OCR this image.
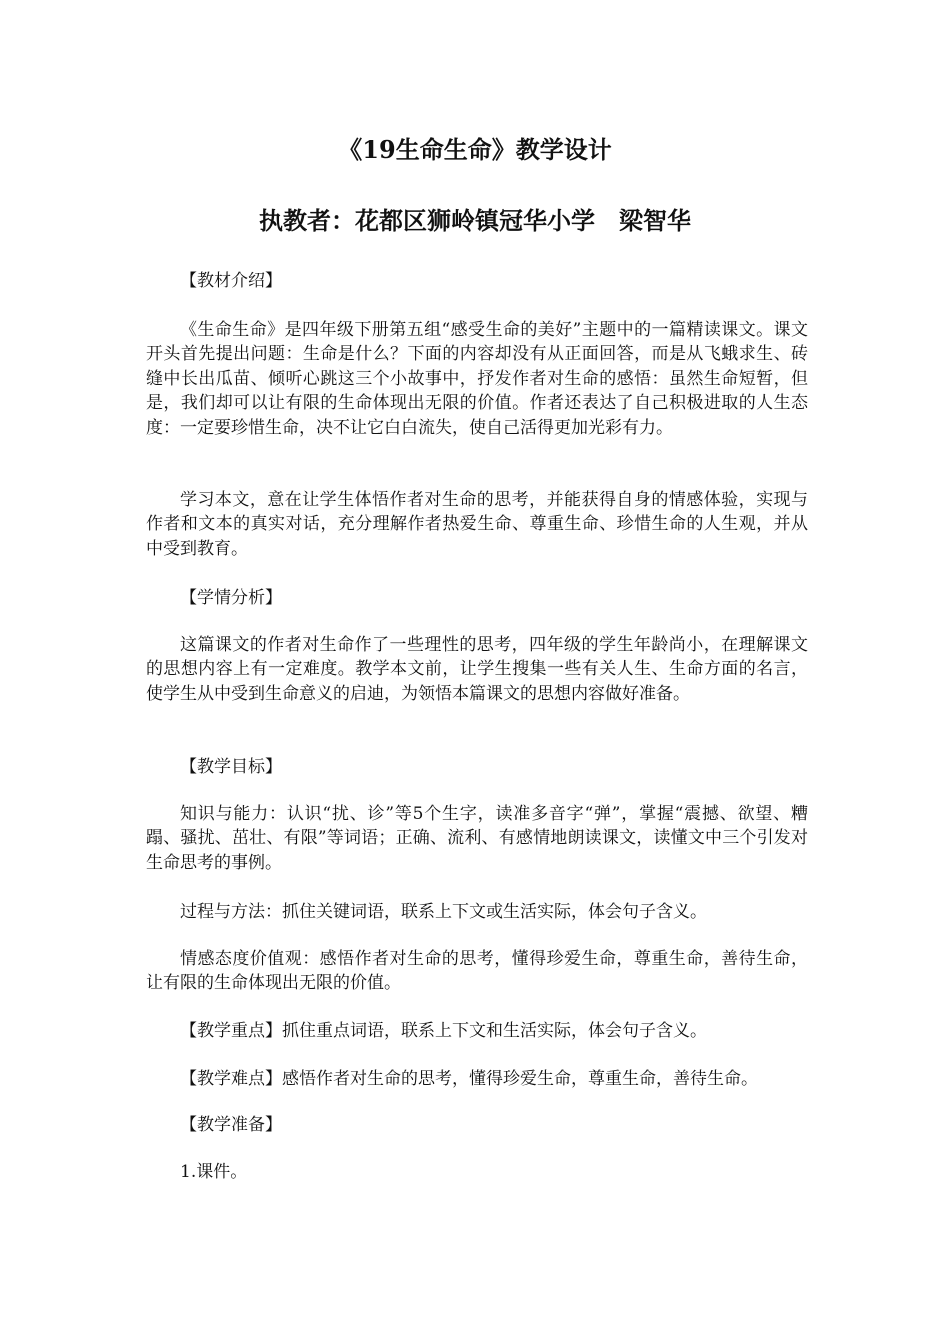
《19生命生命》教学设计
执教者：花都区狮岭镇冠华小学　梁智华

【教材介绍】

《生命生命》是四年级下册第五组“感受生命的美好”主题中的一篇精读课文。课文开头首先提出问题：生命是什么？下面的内容却没有从正面回答，而是从飞蛾求生、砖缝中长出瓜苗、倾听心跳这三个小故事中，抒发作者对生命的感悟：虽然生命短暂，但是，我们却可以让有限的生命体现出无限的价值。作者还表达了自己积极进取的人生态度：一定要珍惜生命，决不让它白白流失，使自己活得更加光彩有力。

学习本文，意在让学生体悟作者对生命的思考，并能获得自身的情感体验，实现与作者和文本的真实对话，充分理解作者热爱生命、尊重生命、珍惜生命的人生观，并从中受到教育。

【学情分析】

这篇课文的作者对生命作了一些理性的思考，四年级的学生年龄尚小，在理解课文的思想内容上有一定难度。教学本文前，让学生搜集一些有关人生、生命方面的名言，使学生从中受到生命意义的启迪，为领悟本篇课文的思想内容做好准备。

【教学目标】

知识与能力：认识“扰、诊”等5个生字，读准多音字“弹”，掌握“震撼、欲望、糟蹋、骚扰、茁壮、有限”等词语；正确、流利、有感情地朗读课文，读懂文中三个引发对生命思考的事例。

过程与方法：抓住关键词语，联系上下文或生活实际，体会句子含义。

情感态度价值观：感悟作者对生命的思考，懂得珍爱生命，尊重生命，善待生命，让有限的生命体现出无限的价值。

【教学重点】抓住重点词语，联系上下文和生活实际，体会句子含义。

【教学难点】感悟作者对生命的思考，懂得珍爱生命，尊重生命，善待生命。

【教学准备】

1.课件。
